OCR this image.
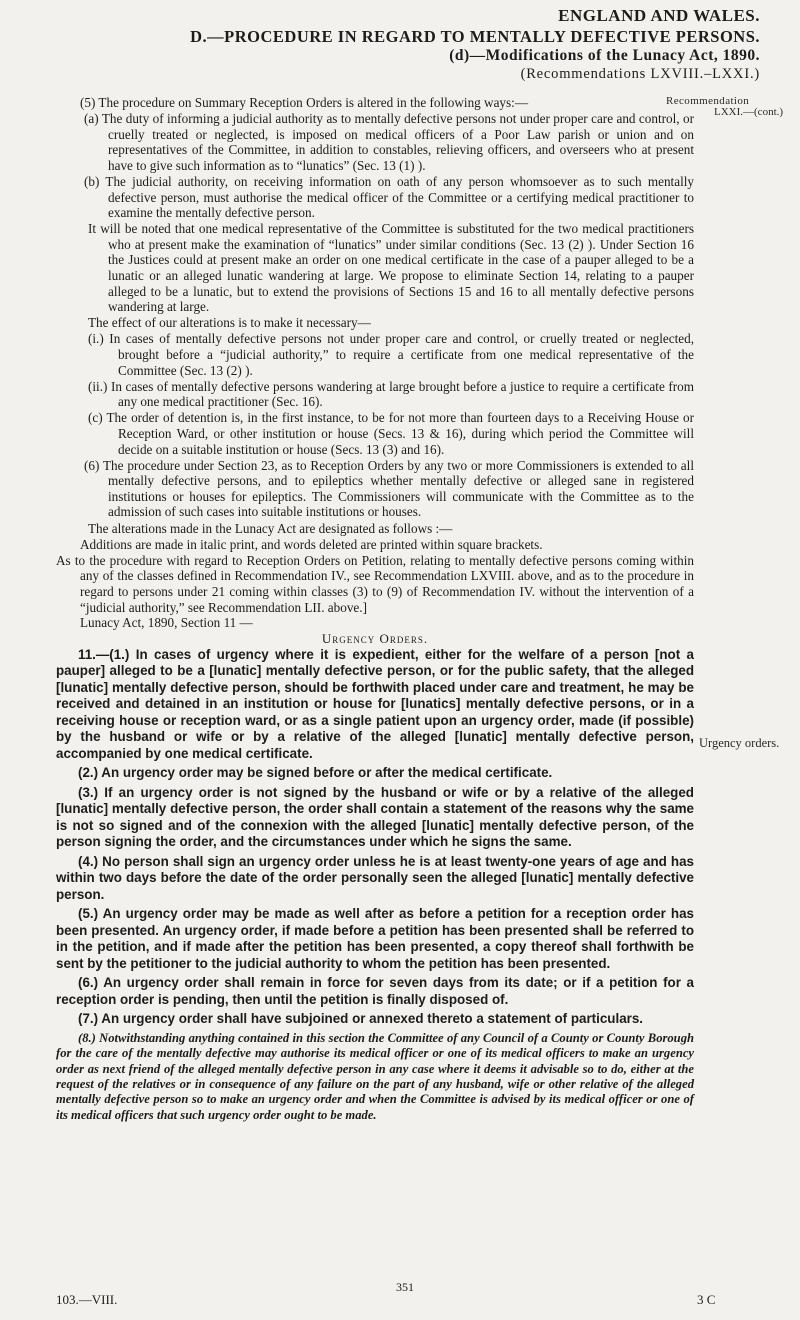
ENGLAND AND WALES.
D.—PROCEDURE IN REGARD TO MENTALLY DEFECTIVE PERSONS.
(d)—Modifications of the Lunacy Act, 1890.
(Recommendations LXVIII.–LXXI.)
Recommendation
LXXI.—(cont.)
Urgency orders.

(5) The procedure on Summary Reception Orders is altered in the following ways:—

(a) The duty of informing a judicial authority as to mentally defective persons not under proper care and control, or cruelly treated or neglected, is imposed on medical officers of a Poor Law parish or union and on representatives of the Committee, in addition to constables, relieving officers, and overseers who at present have to give such information as to “lunatics” (Sec. 13 (1) ).

(b) The judicial authority, on receiving information on oath of any person whomsoever as to such mentally defective person, must authorise the medical officer of the Committee or a certifying medical practitioner to examine the mentally defective person.

It will be noted that one medical representative of the Committee is substituted for the two medical practitioners who at present make the examination of “lunatics” under similar conditions (Sec. 13 (2) ). Under Section 16 the Justices could at present make an order on one medical certificate in the case of a pauper alleged to be a lunatic or an alleged lunatic wandering at large. We propose to eliminate Section 14, relating to a pauper alleged to be a lunatic, but to extend the provisions of Sections 15 and 16 to all mentally defective persons wandering at large.

The effect of our alterations is to make it necessary—

(i.) In cases of mentally defective persons not under proper care and control, or cruelly treated or neglected, brought before a “judicial authority,” to require a certificate from one medical representative of the Committee (Sec. 13 (2) ).

(ii.) In cases of mentally defective persons wandering at large brought before a justice to require a certificate from any one medical practitioner (Sec. 16).

(c) The order of detention is, in the first instance, to be for not more than fourteen days to a Receiving House or Reception Ward, or other institution or house (Secs. 13 & 16), during which period the Committee will decide on a suitable institution or house (Secs. 13 (3) and 16).

(6) The procedure under Section 23, as to Reception Orders by any two or more Commissioners is extended to all mentally defective persons, and to epileptics whether mentally defective or alleged sane in registered institutions or houses for epileptics. The Commissioners will communicate with the Committee as to the admission of such cases into suitable institutions or houses.

The alterations made in the Lunacy Act are designated as follows :—

Additions are made in italic print, and words deleted are printed within square brackets.

As to the procedure with regard to Reception Orders on Petition, relating to mentally defective persons coming within any of the classes defined in Recommendation IV., see Recommendation LXVIII. above, and as to the procedure in regard to persons under 21 coming within classes (3) to (9) of Recommendation IV. without the intervention of a “judicial authority,” see Recommendation LII. above.]

Lunacy Act, 1890, Section 11 —

Urgency Orders.

11.—(1.) In cases of urgency where it is expedient, either for the welfare of a person [not a pauper] alleged to be a [lunatic] mentally defective person, or for the public safety, that the alleged [lunatic] mentally defective person, should be forthwith placed under care and treatment, he may be received and detained in an institution or house for [lunatics] mentally defective persons, or in a receiving house or reception ward, or as a single patient upon an urgency order, made (if possible) by the husband or wife or by a relative of the alleged [lunatic] mentally defective person, accompanied by one medical certificate.

(2.) An urgency order may be signed before or after the medical certificate.

(3.) If an urgency order is not signed by the husband or wife or by a relative of the alleged [lunatic] mentally defective person, the order shall contain a statement of the reasons why the same is not so signed and of the connexion with the alleged [lunatic] mentally defective person, of the person signing the order, and the circumstances under which he signs the same.

(4.) No person shall sign an urgency order unless he is at least twenty-one years of age and has within two days before the date of the order personally seen the alleged [lunatic] mentally defective person.

(5.) An urgency order may be made as well after as before a petition for a reception order has been presented. An urgency order, if made before a petition has been presented shall be referred to in the petition, and if made after the petition has been presented, a copy thereof shall forthwith be sent by the petitioner to the judicial authority to whom the petition has been presented.

(6.) An urgency order shall remain in force for seven days from its date; or if a petition for a reception order is pending, then until the petition is finally disposed of.

(7.) An urgency order shall have subjoined or annexed thereto a statement of particulars.

(8.) Notwithstanding anything contained in this section the Committee of any Council of a County or County Borough for the care of the mentally defective may authorise its medical officer or one of its medical officers to make an urgency order as next friend of the alleged mentally defective person in any case where it deems it advisable so to do, either at the request of the relatives or in consequence of any failure on the part of any husband, wife or other relative of the alleged mentally defective person so to make an urgency order and when the Committee is advised by its medical officer or one of its medical officers that such urgency order ought to be made.

103.—VIII.
351
3 C
